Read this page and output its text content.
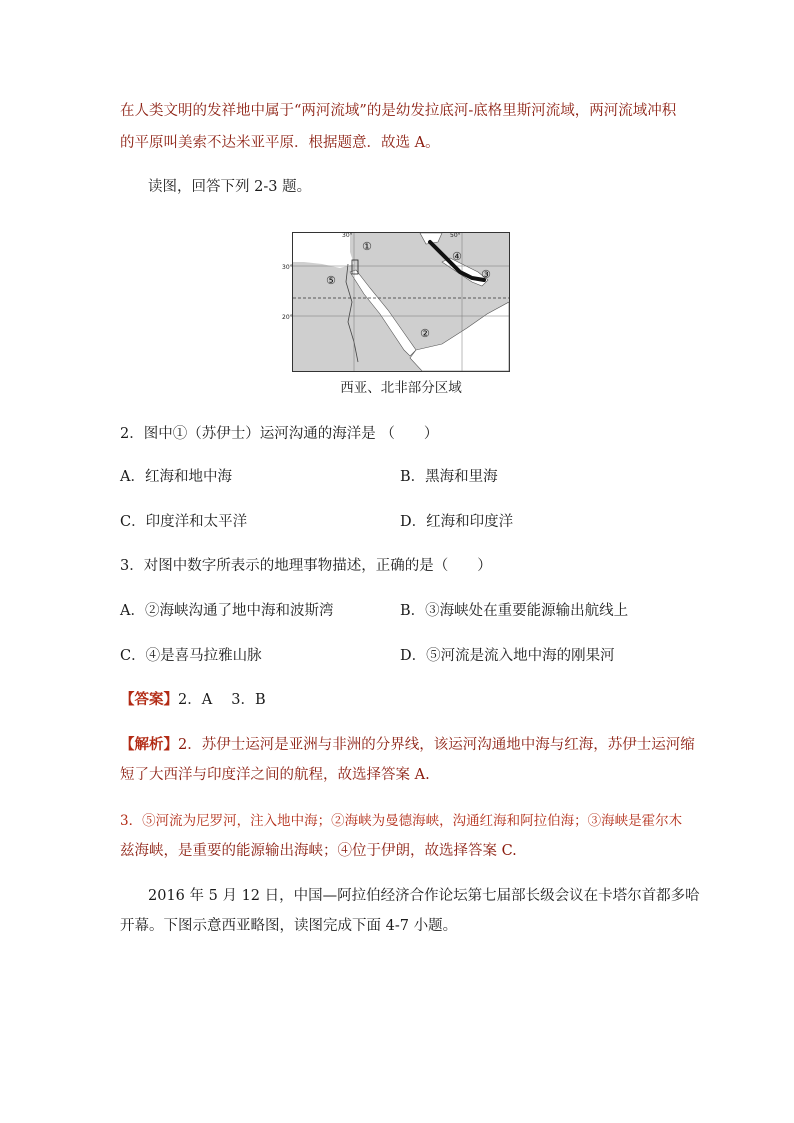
在人类文明的发祥地中属于“两河流域”的是幼发拉底河-底格里斯河流域，两河流域冲积
的平原叫美索不达米亚平原．根据题意．故选 A。
读图，回答下列 2-3 题。
①
②
③
④
⑤
30°	50°
30°
20°
西亚、北非部分区域
2．图中①（苏伊士）运河沟通的海洋是 （　　）
A．红海和地中海	B．黑海和里海
C．印度洋和太平洋	D．红海和印度洋
3．对图中数字所表示的地理事物描述，正确的是（　　）
A．②海峡沟通了地中海和波斯湾	B．③海峡处在重要能源输出航线上
C．④是喜马拉雅山脉	D．⑤河流是流入地中海的刚果河
【答案】2．A　 3．B
【解析】2．苏伊士运河是亚洲与非洲的分界线，该运河沟通地中海与红海，苏伊士运河缩
短了大西洋与印度洋之间的航程，故选择答案 A.
3．⑤河流为尼罗河，注入地中海；②海峡为曼德海峡，沟通红海和阿拉伯海；③海峡是霍尔木
兹海峡，是重要的能源输出海峡；④位于伊朗，故选择答案 C.
2016 年 5 月 12 日，中国—阿拉伯经济合作论坛第七届部长级会议在卡塔尔首都多哈
开幕。下图示意西亚略图，读图完成下面 4-7 小题。
